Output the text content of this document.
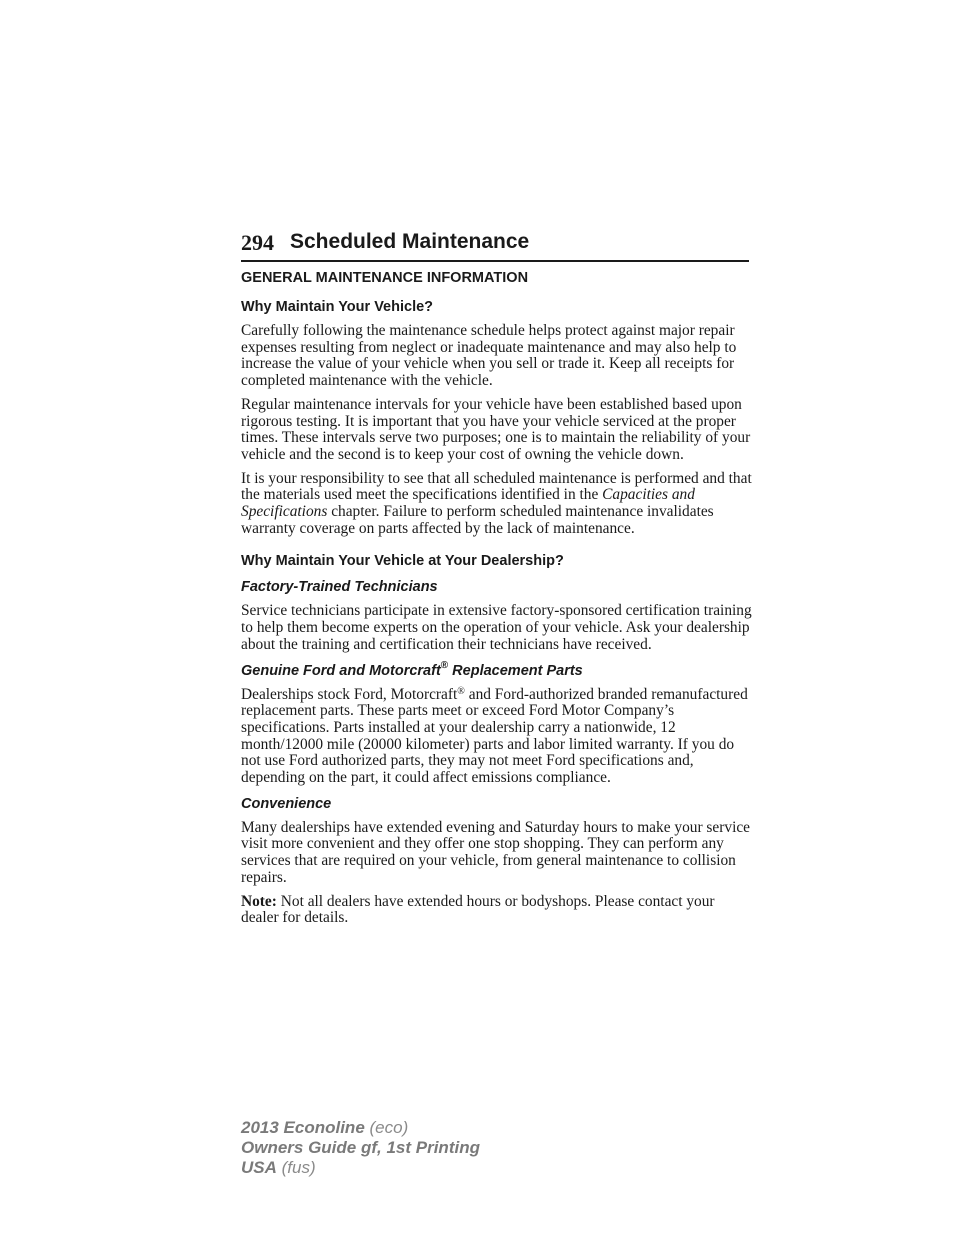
294 Scheduled Maintenance
GENERAL MAINTENANCE INFORMATION
Why Maintain Your Vehicle?

Carefully following the maintenance schedule helps protect against major repair expenses resulting from neglect or inadequate maintenance and may also help to increase the value of your vehicle when you sell or trade it. Keep all receipts for completed maintenance with the vehicle.

Regular maintenance intervals for your vehicle have been established based upon rigorous testing. It is important that you have your vehicle serviced at the proper times. These intervals serve two purposes; one is to maintain the reliability of your vehicle and the second is to keep your cost of owning the vehicle down.

It is your responsibility to see that all scheduled maintenance is performed and that the materials used meet the specifications identified in the Capacities and Specifications chapter. Failure to perform scheduled maintenance invalidates warranty coverage on parts affected by the lack of maintenance.

Why Maintain Your Vehicle at Your Dealership?
Factory-Trained Technicians

Service technicians participate in extensive factory-sponsored certification training to help them become experts on the operation of your vehicle. Ask your dealership about the training and certification their technicians have received.

Genuine Ford and Motorcraft® Replacement Parts

Dealerships stock Ford, Motorcraft® and Ford-authorized branded remanufactured replacement parts. These parts meet or exceed Ford Motor Company’s specifications. Parts installed at your dealership carry a nationwide, 12 month/12000 mile (20000 kilometer) parts and labor limited warranty. If you do not use Ford authorized parts, they may not meet Ford specifications and, depending on the part, it could affect emissions compliance.

Convenience

Many dealerships have extended evening and Saturday hours to make your service visit more convenient and they offer one stop shopping. They can perform any services that are required on your vehicle, from general maintenance to collision repairs.

Note: Not all dealers have extended hours or bodyshops. Please contact your dealer for details.

2013 Econoline (eco)
Owners Guide gf, 1st Printing
USA (fus)
